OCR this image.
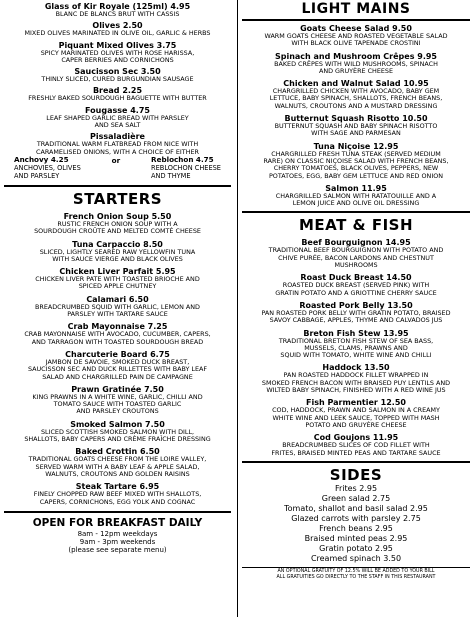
Glass of Kir Royale (125ml) 4.95
BLANC DE BLANCS BRUT WITH CASSIS
Olives 2.50
MIXED OLIVES MARINATED IN OLIVE OIL, GARLIC & HERBS
Piquant Mixed Olives 3.75
SPICY MARINATED OLIVES WITH ROSE HARISSA,
CAPER BERRIES AND CORNICHONS
Saucisson Sec 3.50
THINLY SLICED, CURED BURGUNDIAN SAUSAGE
Bread 2.25
FRESHLY BAKED SOURDOUGH BAGUETTE WITH BUTTER
Fougasse 4.75
LEAF SHAPED GARLIC BREAD WITH PARSLEY
AND SEA SALT
Pissaladière
TRADITIONAL WARM FLATBREAD FROM NICE WITH
CARAMELISED ONIONS, WITH A CHOICE OF EITHER
Anchovy 4.25
ANCHOVIES, OLIVES
AND PARSLEY
or	Reblochon 4.75
REBLOCHON CHEESE
AND THYME
STARTERS
French Onion Soup 5.50
RUSTIC FRENCH ONION SOUP WITH A
SOURDOUGH CROÛTE AND MELTED COMTÉ CHEESE
Tuna Carpaccio 8.50
SLICED, LIGHTLY SEARED RAW YELLOWFIN TUNA
WITH SAUCE VIERGE AND BLACK OLIVES
Chicken Liver Parfait 5.95
CHICKEN LIVER PATE WITH TOASTED BRIOCHE AND
SPICED APPLE CHUTNEY
Calamari 6.50
BREADCRUMBED SQUID WITH GARLIC, LEMON AND
PARSLEY WITH TARTARE SAUCE
Crab Mayonnaise 7.25
CRAB MAYONNAISE WITH AVOCADO, CUCUMBER, CAPERS,
AND TARRAGON WITH TOASTED SOURDOUGH BREAD
Charcuterie Board 6.75
JAMBON DE SAVOIE, SMOKED DUCK BREAST,
SAUCISSON SEC AND DUCK RILLETTES WITH BABY LEAF
SALAD AND CHARGRILLED PAIN DE CAMPAGNE
Prawn Gratinée 7.50
KING PRAWNS IN A WHITE WINE, GARLIC, CHILLI AND
TOMATO SAUCE WITH TOASTED GARLIC
AND PARSLEY CROUTONS
Smoked Salmon 7.50
SLICED SCOTTISH SMOKED SALMON WITH DILL,
SHALLOTS, BABY CAPERS AND CRÈME FRAÎCHE DRESSING
Baked Crottin 6.50
TRADITIONAL GOATS CHEESE FROM THE LOIRE VALLEY,
SERVED WARM WITH A BABY LEAF & APPLE SALAD,
WALNUTS, CROUTONS AND GOLDEN RAISINS
Steak Tartare 6.95
FINELY CHOPPED RAW BEEF MIXED WITH SHALLOTS,
CAPERS, CORNICHONS, EGG YOLK AND COGNAC
OPEN FOR BREAKFAST DAILY
8am - 12pm weekdays
9am - 3pm weekends
(please see separate menu)
LIGHT MAINS
Goats Cheese Salad 9.50
WARM GOATS CHEESE AND ROASTED VEGETABLE SALAD
WITH BLACK OLIVE TAPENADE CROSTINI
Spinach and Mushroom Crêpes 9.95
BAKED CRÊPES WITH WILD MUSHROOMS, SPINACH
AND GRUYÈRE CHEESE
Chicken and Walnut Salad 10.95
CHARGRILLED CHICKEN WITH AVOCADO, BABY GEM
LETTUCE, BABY SPINACH, SHALLOTS, FRENCH BEANS,
WALNUTS, CROUTONS AND A MUSTARD DRESSING
Butternut Squash Risotto 10.50
BUTTERNUT SQUASH AND BABY SPINACH RISOTTO
WITH SAGE AND PARMESAN
Tuna Niçoise 12.95
CHARGRILLED FRESH TUNA STEAK (SERVED MEDIUM
RARE) ON CLASSIC NIÇOISE SALAD WITH FRENCH BEANS,
CHERRY TOMATOES, BLACK OLIVES, PEPPERS, NEW
POTATOES, EGG, BABY GEM LETTUCE AND RED ONION
Salmon 11.95
CHARGRILLED SALMON WITH RATATOUILLE AND A
LEMON JUICE AND OLIVE OIL DRESSING
MEAT & FISH
Beef Bourguignon 14.95
TRADITIONAL BEEF BOURGUIGNON WITH POTATO AND
CHIVE PURÉE, BACON LARDONS AND CHESTNUT
MUSHROOMS
Roast Duck Breast 14.50
ROASTED DUCK BREAST (SERVED PINK) WITH
GRATIN POTATO AND A GRIOTTINE CHERRY SAUCE
Roasted Pork Belly 13.50
PAN ROASTED PORK BELLY WITH GRATIN POTATO, BRAISED
SAVOY CABBAGE, APPLES, THYME AND CALVADOS JUS
Breton Fish Stew 13.95
TRADITIONAL BRETON FISH STEW OF SEA BASS,
MUSSELS, CLAMS, PRAWNS AND
SQUID WITH TOMATO, WHITE WINE AND CHILLI
Haddock 13.50
PAN ROASTED HADDOCK FILLET WRAPPED IN
SMOKED FRENCH BACON WITH BRAISED PUY LENTILS AND
WILTED BABY SPINACH, FINISHED WITH A RED WINE JUS
Fish Parmentier 12.50
COD, HADDOCK, PRAWN AND SALMON IN A CREAMY
WHITE WINE AND LEEK SAUCE, TOPPED WITH MASH
POTATO AND GRUYÈRE CHEESE
Cod Goujons 11.95
BREADCRUMBED SLICES OF COD FILLET WITH
FRITES, BRAISED MINTED PEAS AND TARTARE SAUCE
SIDES
Frites 2.95
Green salad 2.75
Tomato, shallot and basil salad 2.95
Glazed carrots with parsley 2.75
French beans 2.95
Braised minted peas 2.95
Gratin potato 2.95
Creamed spinach 3.50
AN OPTIONAL GRATUITY OF 12.5% WILL BE ADDED TO YOUR BILL
ALL GRATUITIES GO DIRECTLY TO THE STAFF IN THIS RESTAURANT
